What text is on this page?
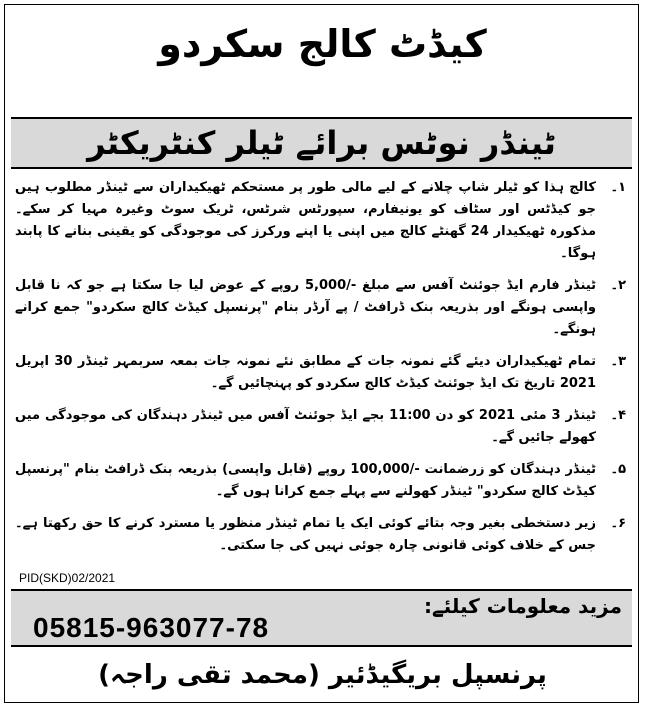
کیڈٹ کالج سکردو
ٹینڈر نوٹس برائے ٹیلر کنٹریکٹر
۱۔
کالج ہذا کو ٹیلر شاپ چلانے کے لیے مالی طور پر مستحکم ٹھیکیداران سے ٹینڈر مطلوب ہیں جو کیڈٹس اور سٹاف کو یونیفارم، سپورٹس شرٹس، ٹریک سوٹ وغیرہ مہیا کر سکے۔ مذکورہ ٹھیکیدار 24 گھنٹے کالج میں اپنی یا اپنے ورکرز کی موجودگی کو یقینی بنانے کا پابند ہوگا۔
۲۔
ٹینڈر فارم ایڈ جوئنٹ آفس سے مبلغ -/5,000 روپے کے عوض لیا جا سکتا ہے جو کہ نا قابل واپسی ہونگے اور بذریعہ بنک ڈرافٹ / پے آرڈر بنام "پرنسپل کیڈٹ کالج سکردو" جمع کرانے ہونگے۔
۳۔
تمام ٹھیکیداران دیئے گئے نمونہ جات کے مطابق نئے نمونہ جات بمعہ سربمہر ٹینڈر 30 اپریل 2021 تاریخ تک ایڈ جوئنٹ کیڈٹ کالج سکردو کو پہنچائیں گے۔
۴۔
ٹینڈر 3 مئی 2021 کو دن 11:00 بجے ایڈ جوئنٹ آفس میں ٹینڈر دہندگان کی موجودگی میں کھولے جائیں گے۔
۵۔
ٹینڈر دہندگان کو زرضمانت -/100,000 روپے (قابل واپسی) بذریعہ بنک ڈرافٹ بنام "پرنسپل کیڈٹ کالج سکردو" ٹینڈر کھولنے سے پہلے جمع کرانا ہوں گے۔
۶۔
زیر دستخطی بغیر وجہ بتائے کوئی ایک یا تمام ٹینڈر منظور یا مسترد کرنے کا حق رکھتا ہے۔ جس کے خلاف کوئی قانونی چارہ جوئی نہیں کی جا سکتی۔
PID(SKD)02/2021
مزید معلومات کیلئے:
05815-963077-78
پرنسپل بریگیڈئیر (محمد تقی راجہ)
